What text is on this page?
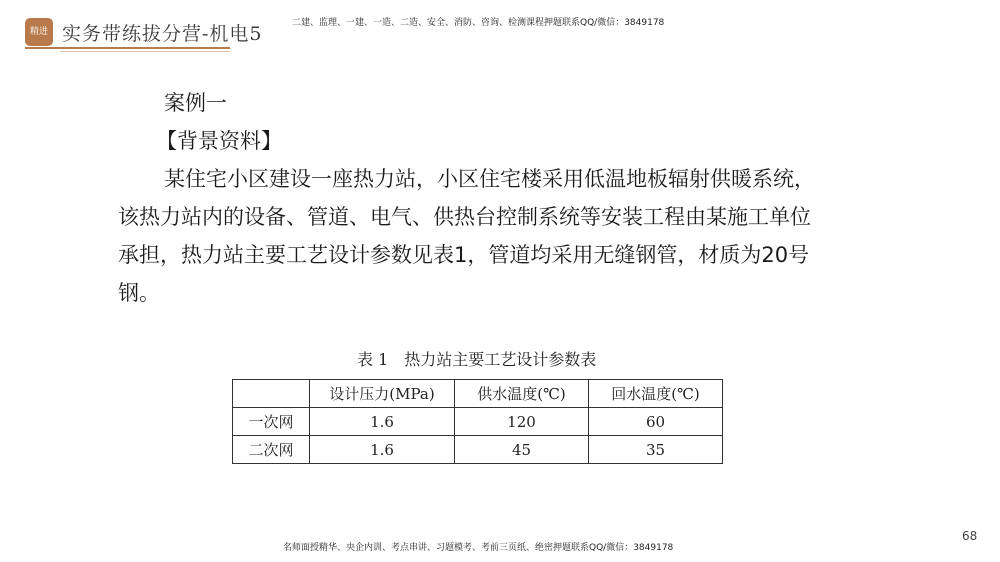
精进 实务带练拔分营-机电5	二建、监理、一建、一造、二造、安全、消防、咨询、检测课程押题联系QQ/微信：3849178

案例一

【背景资料】

某住宅小区建设一座热力站，小区住宅楼采用低温地板辐射供暖系统，该热力站内的设备、管道、电气、供热台控制系统等安装工程由某施工单位承担，热力站主要工艺设计参数见表1，管道均采用无缝钢管，材质为20号钢。

表 1　热力站主要工艺设计参数表
	设计压力(MPa)	供水温度(℃)	回水温度(℃)
一次网	1.6	120	60
二次网	1.6	45	35
名师面授精华、央企内训、考点串讲、习题模考、考前三页纸、绝密押题联系QQ/微信：3849178
68
